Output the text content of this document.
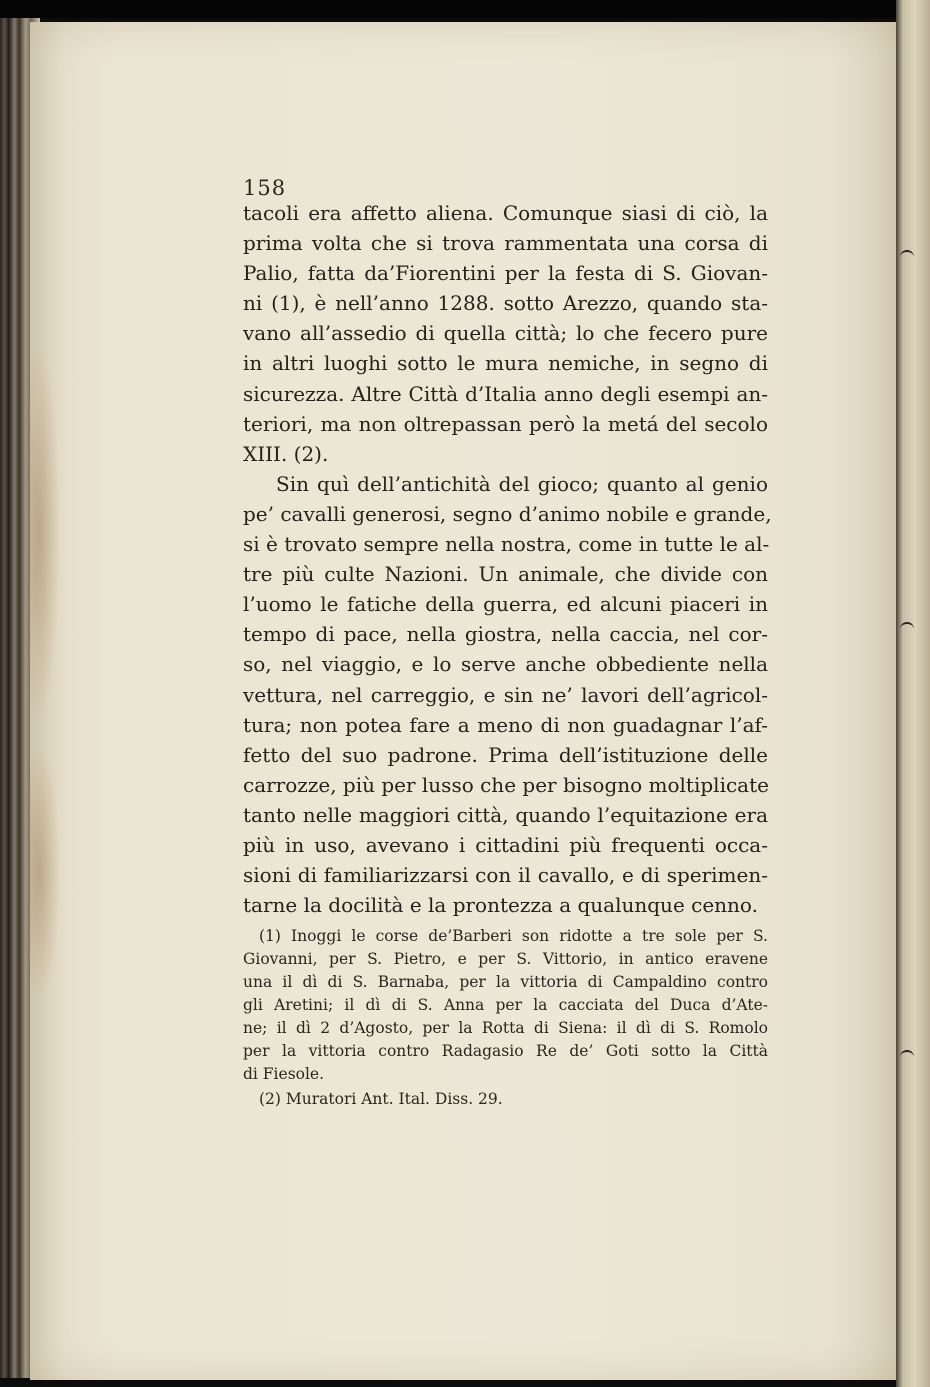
158
tacoli era affetto aliena. Comunque siasi di ciò, la
prima volta che si trova rammentata una corsa di
Palio, fatta da’Fiorentini per la festa di S. Giovan-
ni (1), è nell’anno 1288. sotto Arezzo, quando sta-
vano all’assedio di quella città; lo che fecero pure
in altri luoghi sotto le mura nemiche, in segno di
sicurezza. Altre Città d’Italia anno degli esempi an-
teriori, ma non oltrepassan però la metá del secolo
XIII. (2).
Sin quì dell’antichità del gioco; quanto al genio
pe’ cavalli generosi, segno d’animo nobile e grande,
si è trovato sempre nella nostra, come in tutte le al-
tre più culte Nazioni. Un animale, che divide con
l’uomo le fatiche della guerra, ed alcuni piaceri in
tempo di pace, nella giostra, nella caccia, nel cor-
so, nel viaggio, e lo serve anche obbediente nella
vettura, nel carreggio, e sin ne’ lavori dell’agricol-
tura; non potea fare a meno di non guadagnar l’af-
fetto del suo padrone. Prima dell’istituzione delle
carrozze, più per lusso che per bisogno moltiplicate
tanto nelle maggiori città, quando l’equitazione era
più in uso, avevano i cittadini più frequenti occa-
sioni di familiarizzarsi con il cavallo, e di sperimen-
tarne la docilità e la prontezza a qualunque cenno.
(1) Inoggi le corse de’Barberi son ridotte a tre sole per S.
Giovanni, per S. Pietro, e per S. Vittorio, in antico eravene
una il dì di S. Barnaba, per la vittoria di Campaldino contro
gli Aretini; il dì di S. Anna per la cacciata del Duca d’Ate-
ne; il dì 2 d’Agosto, per la Rotta di Siena: il dì di S. Romolo
per la vittoria contro Radagasio Re de’ Goti sotto la Città
di Fiesole.
(2) Muratori Ant. Ital. Diss. 29.
